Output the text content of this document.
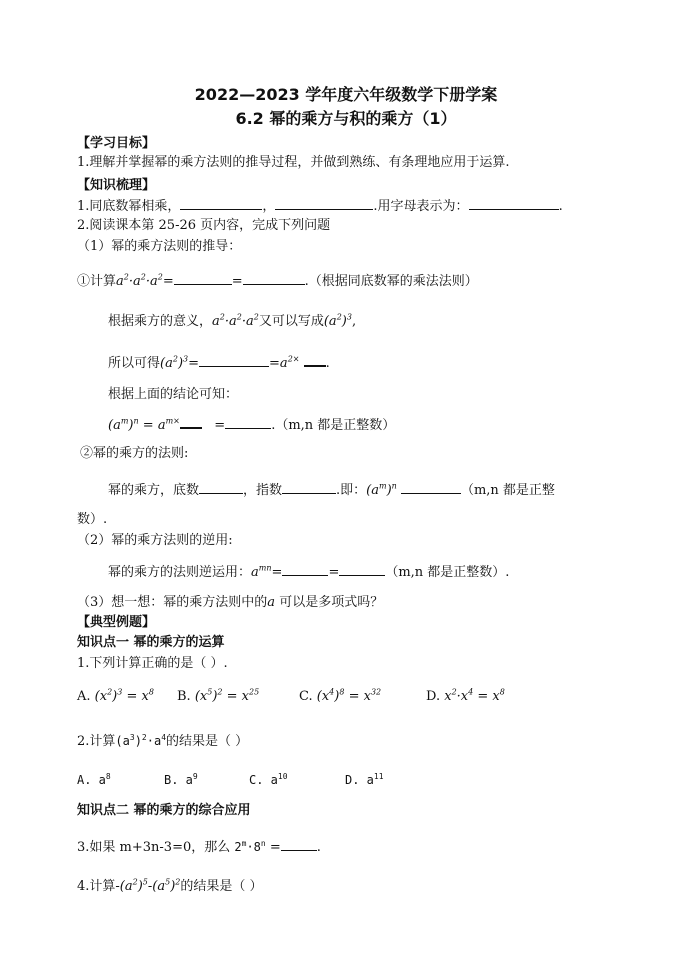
2022—2023 学年度六年级数学下册学案
6.2 幂的乘方与积的乘方（1）
【学习目标】
1.理解并掌握幂的乘方法则的推导过程，并做到熟练、有条理地应用于运算.
【知识梳理】
1.同底数幂相乘，	，	.用字母表示为：	.
2.阅读课本第 25-26 页内容，完成下列问题
（1）幂的乘方法则的推导：
①计算$a^2\cdot a^2\cdot a^2=$	=	.（根据同底数幂的乘法法则）
根据乘方的意义，$a^2\cdot a^2\cdot a^2$又可以写成$(a^2)^3$,
所以可得$(a^2)^3=$	$=a^{2\times}$ .
根据上面的结论可知：
$(a^m)^n = a^{m\times}$	=	.（m,n 都是正整数）
②幂的乘方的法则:
幂的乘方，底数	，指数	.即：$(a^m)^n$	（m,n 都是正整
数）.
（2）幂的乘方法则的逆用:
幂的乘方的法则逆运用：$a^{mn}=$	=	（m,n 都是正整数）.
（3）想一想：幂的乘方法则中的a 可以是多项式吗？
【典型例题】
知识点一 幂的乘方的运算
1.下列计算正确的是（ ）.
A. $(x^2)^3 = x^8$ B. $(x^5)^2 = x^{25}$	C. $(x^4)^8 = x^{32}$	D. $x^2\cdot x^4 = x^8$
2.计算$(a^3)^2\cdot a^4$的结果是（ ）
A. $a^8$	B. $a^9$	C. $a^{10}$	D. $a^{11}$
知识点二 幂的乘方的综合应用
3.如果 m+3n-3=0，那么 $2^m\cdot 8^n$ =	.
4.计算$-(a^2)^5-(a^5)^2$的结果是（ ）
